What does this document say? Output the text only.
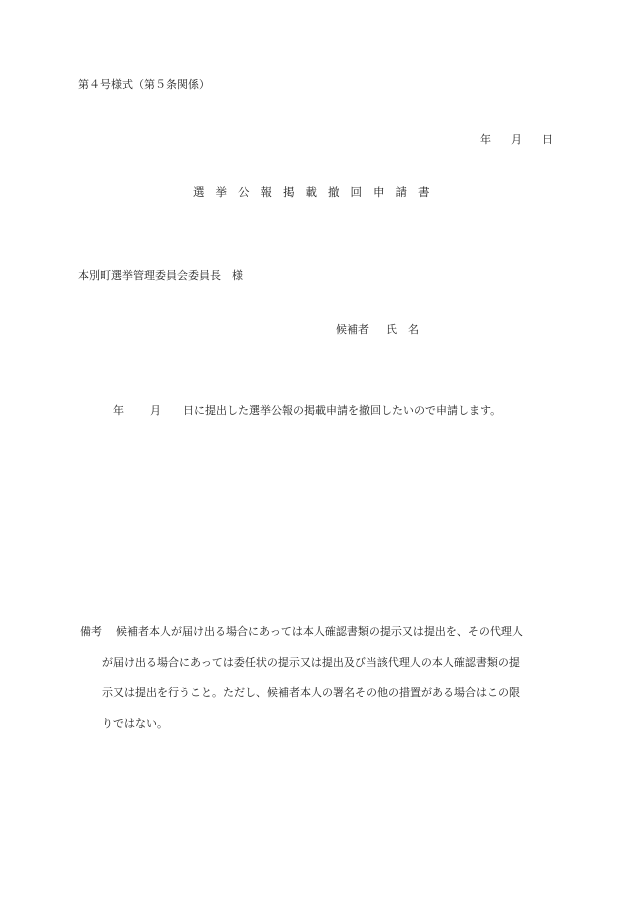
第４号様式（第５条関係）
年 月 日
選挙公報掲載撤回申請書
本別町選挙管理委員会委員長　様
候補者 氏　名
年 月 日に提出した選挙公報の掲載申請を撤回したいので申請します。
備考 候補者本人が届け出る場合にあっては本人確認書類の提示又は提出を、その代理人
が届け出る場合にあっては委任状の提示又は提出及び当該代理人の本人確認書類の提
示又は提出を行うこと。ただし、候補者本人の署名その他の措置がある場合はこの限
りではない。
